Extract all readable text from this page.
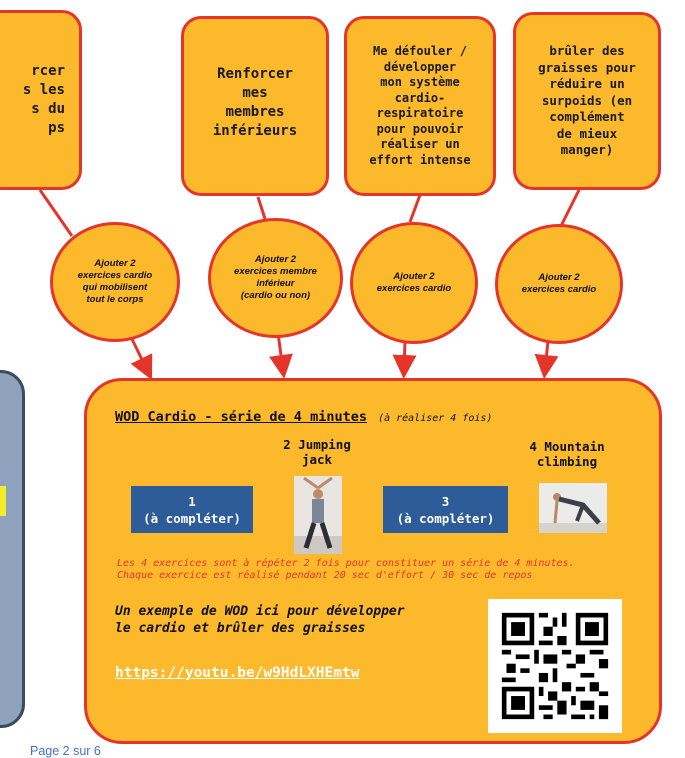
rcer
s les
s du
ps
Renforcer
mes
membres
inférieurs
Me défouler /
développer
mon système
cardio-
respiratoire
pour pouvoir
réaliser un
effort intense
brûler des
graisses pour
réduire un
surpoids (en
complément
de mieux
manger)
Ajouter 2
exercices cardio
qui mobilisent
tout le corps
Ajouter 2
exercices membre
inférieur
(cardio ou non)
Ajouter 2
exercices cardio
Ajouter 2
exercices cardio
WOD Cardio - série de 4 minutes (à réaliser 4 fois)
1
(à compléter)
2 Jumping
jack
3
(à compléter)
4 Mountain
climbing
Les 4 exercices sont à répéter 2 fois pour constituer un série de 4 minutes.
Chaque exercice est réalisé pendant 20 sec d'effort / 30 sec de repos
Un exemple de WOD ici pour développer
le cardio et brûler des graisses
https://youtu.be/w9HdLXHEmtw
Page 2 sur 6
